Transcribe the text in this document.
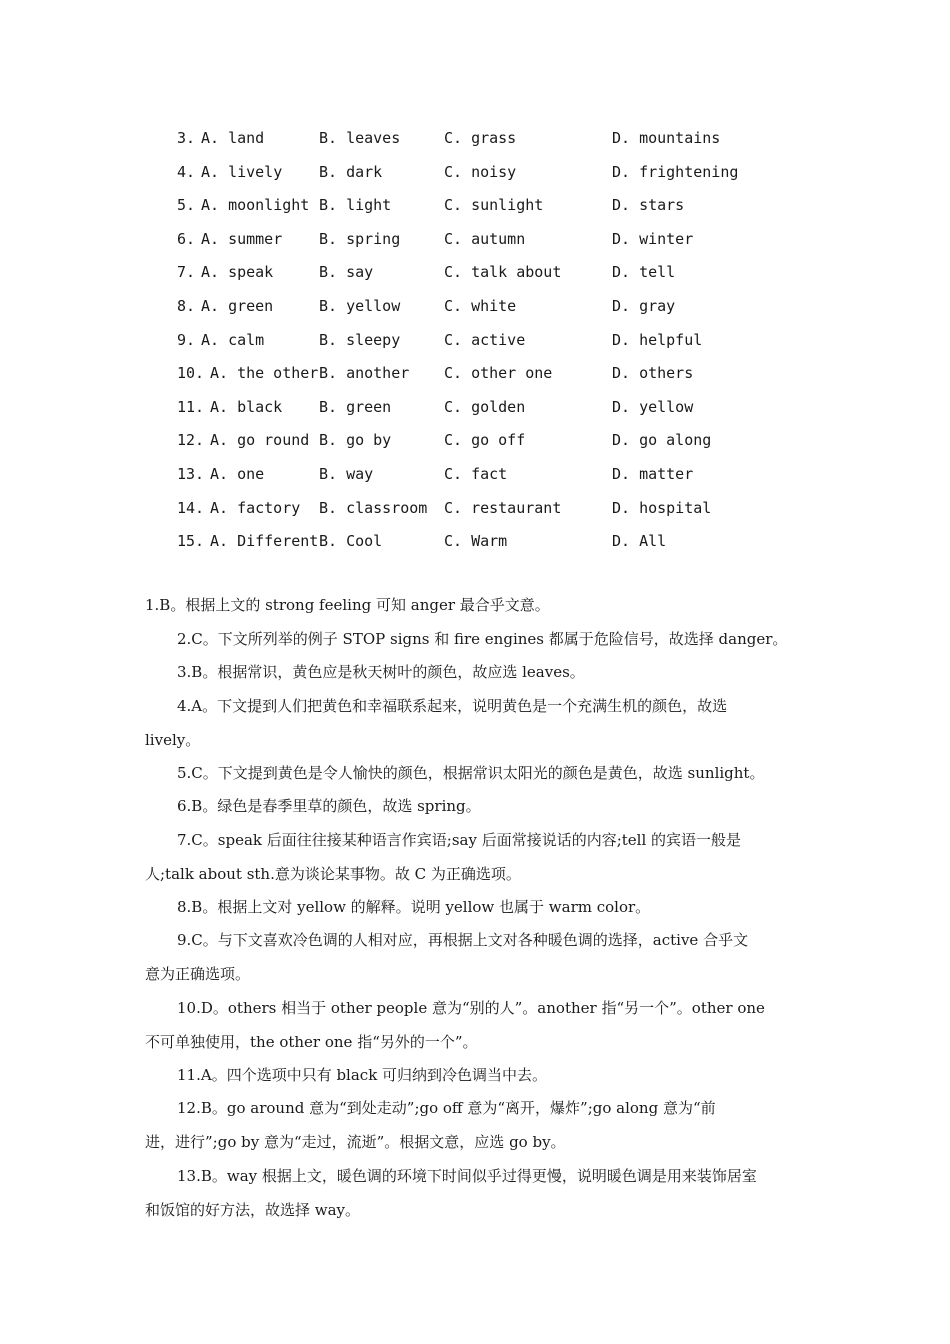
3. A. land	B. leaves	C. grass	D. mountains
4. A. lively B. dark	C. noisy	D. frightening
5. A. moonlight B. light	C. sunlight	D. stars
6. A. summer B. spring	C. autumn	D. winter
7. A. speak	B. say	C. talk about	D. tell
8. A. green	B. yellow	C. white	D. gray
9. A. calm	B. sleepy	C. active	D. helpful
10. A. the other B. another C. other one	D. others
11. A. black B. green	C. golden	D. yellow
12. A. go round B. go by	C. go off	D. go along
13. A. one	B. way	C. fact	D. matter
14. A. factory B. classroom C. restaurant	D. hospital
15. A. Different B. Cool	C. Warm	D. All
1.B。根据上文的 strong feeling 可知 anger 最合乎文意。
2.C。下文所列举的例子 STOP signs 和 fire engines 都属于危险信号，故选择 danger。
3.B。根据常识，黄色应是秋天树叶的颜色，故应选 leaves。
4.A。下文提到人们把黄色和幸福联系起来，说明黄色是一个充满生机的颜色，故选
lively。
5.C。下文提到黄色是令人愉快的颜色，根据常识太阳光的颜色是黄色，故选 sunlight。
6.B。绿色是春季里草的颜色，故选 spring。
7.C。speak 后面往往接某种语言作宾语;say 后面常接说话的内容;tell 的宾语一般是
人;talk about sth.意为谈论某事物。故 C 为正确选项。
8.B。根据上文对 yellow 的解释。说明 yellow 也属于 warm color。
9.C。与下文喜欢冷色调的人相对应，再根据上文对各种暖色调的选择，active 合乎文
意为正确选项。
10.D。others 相当于 other people 意为“别的人”。another 指“另一个”。other one
不可单独使用，the other one 指“另外的一个”。
11.A。四个选项中只有 black 可归纳到冷色调当中去。
12.B。go around 意为“到处走动”;go off 意为“离开，爆炸”;go along 意为“前
进，进行”;go by 意为“走过，流逝”。根据文意，应选 go by。
13.B。way 根据上文，暖色调的环境下时间似乎过得更慢，说明暖色调是用来装饰居室
和饭馆的好方法，故选择 way。
